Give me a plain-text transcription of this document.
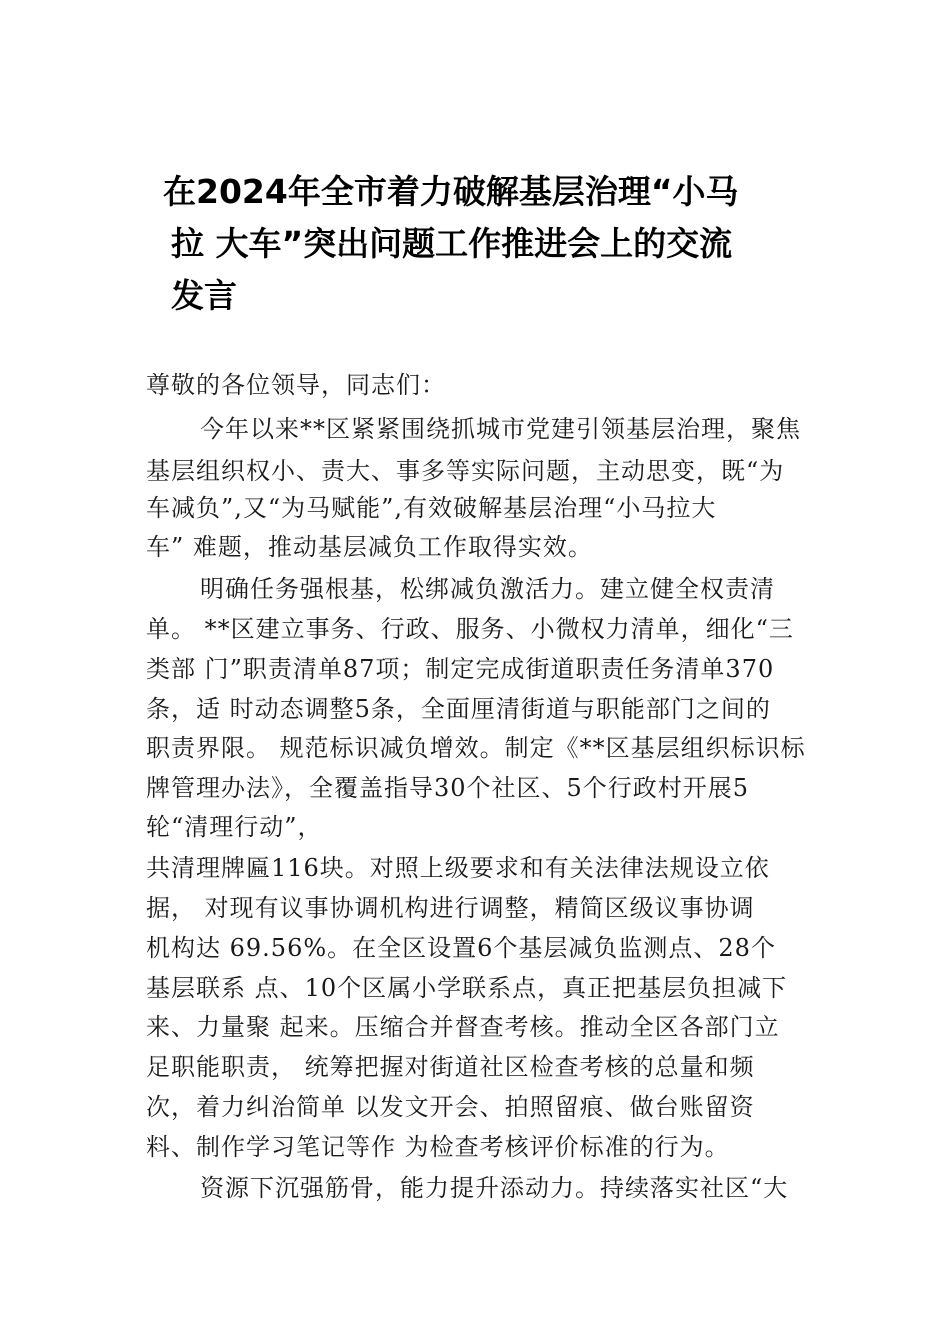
在2024年全市着力破解基层治理“小马
拉 大车”突出问题工作推进会上的交流
发言
尊敬的各位领导，同志们：
今年以来**区紧紧围绕抓城市党建引领基层治理，聚焦
基层组织权小、责大、事多等实际问题，主动思变，既“为
车减负”,又“为马赋能”,有效破解基层治理“小马拉大
车” 难题，推动基层减负工作取得实效。
明确任务强根基，松绑减负激活力。建立健全权责清
单。 **区建立事务、行政、服务、小微权力清单，细化“三
类部 门”职责清单87项；制定完成街道职责任务清单370
条，适 时动态调整5条，全面厘清街道与职能部门之间的
职责界限。 规范标识减负增效。制定《**区基层组织标识标
牌管理办法》，全覆盖指导30个社区、5个行政村开展5
轮“清理行动”，
共清理牌匾116块。对照上级要求和有关法律法规设立依
据， 对现有议事协调机构进行调整，精简区级议事协调
机构达 69.56%。在全区设置6个基层减负监测点、28个
基层联系 点、10个区属小学联系点，真正把基层负担减下
来、力量聚 起来。压缩合并督查考核。推动全区各部门立
足职能职责， 统筹把握对街道社区检查考核的总量和频
次，着力纠治简单 以发文开会、拍照留痕、做台账留资
料、制作学习笔记等作 为检查考核评价标准的行为。
资源下沉强筋骨，能力提升添动力。持续落实社区“大
